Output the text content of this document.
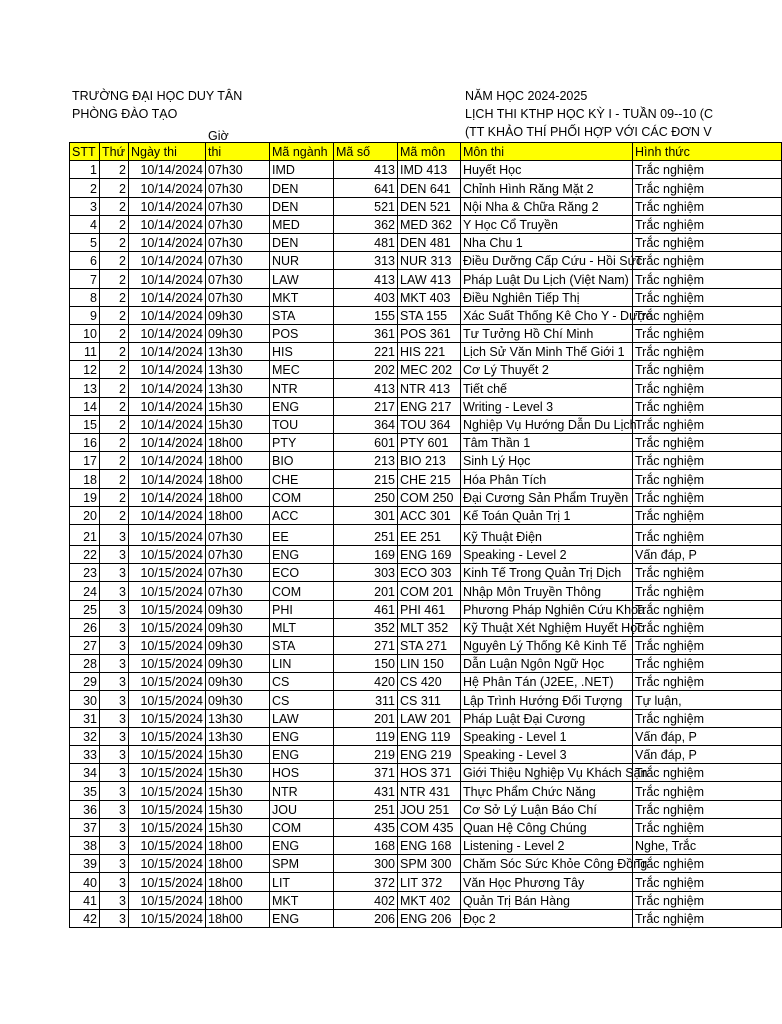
TRƯỜNG ĐẠI HỌC DUY TÂN
PHÒNG ĐÀO TẠO
NĂM HỌC 2024-2025
LỊCH THI KTHP HỌC KỲ I - TUẦN 09--10 (C
(TT KHẢO THÍ PHỐI HỢP VỚI CÁC ĐƠN V
Giờ
STT	Thứ	Ngày thi	thi	Mã ngành	Mã số	Mã môn	Môn thi	Hình thức
1	2	10/14/2024	07h30	IMD	413	IMD 413	Huyết Học	Trắc nghiệm
2	2	10/14/2024	07h30	DEN	641	DEN 641	Chỉnh Hình Răng Mặt 2	Trắc nghiệm
3	2	10/14/2024	07h30	DEN	521	DEN 521	Nội Nha & Chữa Răng 2	Trắc nghiệm
4	2	10/14/2024	07h30	MED	362	MED 362	Y Học Cổ Truyền	Trắc nghiệm
5	2	10/14/2024	07h30	DEN	481	DEN 481	Nha Chu 1	Trắc nghiệm
6	2	10/14/2024	07h30	NUR	313	NUR 313	Điều Dưỡng Cấp Cứu - Hồi Sức	Trắc nghiệm
7	2	10/14/2024	07h30	LAW	413	LAW 413	Pháp Luật Du Lịch (Việt Nam)	Trắc nghiệm
8	2	10/14/2024	07h30	MKT	403	MKT 403	Điều Nghiên Tiếp Thị	Trắc nghiệm
9	2	10/14/2024	09h30	STA	155	STA 155	Xác Suất Thống Kê Cho Y - Dược	Trắc nghiệm
10	2	10/14/2024	09h30	POS	361	POS 361	Tư Tưởng Hồ Chí Minh	Trắc nghiệm
11	2	10/14/2024	13h30	HIS	221	HIS 221	Lịch Sử Văn Minh Thế Giới 1	Trắc nghiệm
12	2	10/14/2024	13h30	MEC	202	MEC 202	Cơ Lý Thuyết 2	Trắc nghiệm
13	2	10/14/2024	13h30	NTR	413	NTR 413	Tiết chế	Trắc nghiệm
14	2	10/14/2024	15h30	ENG	217	ENG 217	Writing - Level 3	Trắc nghiệm
15	2	10/14/2024	15h30	TOU	364	TOU 364	Nghiệp Vụ Hướng Dẫn Du Lịch	Trắc nghiệm
16	2	10/14/2024	18h00	PTY	601	PTY 601	Tâm Thần 1	Trắc nghiệm
17	2	10/14/2024	18h00	BIO	213	BIO 213	Sinh Lý Học	Trắc nghiệm
18	2	10/14/2024	18h00	CHE	215	CHE 215	Hóa Phân Tích	Trắc nghiệm
19	2	10/14/2024	18h00	COM	250	COM 250	Đại Cương Sản Phẩm Truyền	Trắc nghiệm
20	2	10/14/2024	18h00	ACC	301	ACC 301	Kế Toán Quản Trị 1	Trắc nghiệm
21	3	10/15/2024	07h30	EE	251	EE 251	Kỹ Thuật Điện	Trắc nghiệm
22	3	10/15/2024	07h30	ENG	169	ENG 169	Speaking - Level 2	Vấn đáp, P
23	3	10/15/2024	07h30	ECO	303	ECO 303	Kinh Tế Trong Quản Trị Dịch	Trắc nghiệm
24	3	10/15/2024	07h30	COM	201	COM 201	Nhập Môn Truyền Thông	Trắc nghiệm
25	3	10/15/2024	09h30	PHI	461	PHI 461	Phương Pháp Nghiên Cứu Khoa	Trắc nghiệm
26	3	10/15/2024	09h30	MLT	352	MLT 352	Kỹ Thuật Xét Nghiệm Huyết Học	Trắc nghiệm
27	3	10/15/2024	09h30	STA	271	STA 271	Nguyên Lý Thống Kê Kinh Tế	Trắc nghiệm
28	3	10/15/2024	09h30	LIN	150	LIN 150	Dẫn Luận Ngôn Ngữ Học	Trắc nghiệm
29	3	10/15/2024	09h30	CS	420	CS 420	Hệ Phân Tán (J2EE, .NET)	Trắc nghiệm
30	3	10/15/2024	09h30	CS	311	CS 311	Lập Trình Hướng Đối Tượng	Tự luận,
31	3	10/15/2024	13h30	LAW	201	LAW 201	Pháp Luật Đại Cương	Trắc nghiệm
32	3	10/15/2024	13h30	ENG	119	ENG 119	Speaking - Level 1	Vấn đáp, P
33	3	10/15/2024	15h30	ENG	219	ENG 219	Speaking - Level 3	Vấn đáp, P
34	3	10/15/2024	15h30	HOS	371	HOS 371	Giới Thiệu Nghiệp Vụ Khách Sạn	Trắc nghiệm
35	3	10/15/2024	15h30	NTR	431	NTR 431	Thực Phẩm Chức Năng	Trắc nghiệm
36	3	10/15/2024	15h30	JOU	251	JOU 251	Cơ Sở Lý Luận Báo Chí	Trắc nghiệm
37	3	10/15/2024	15h30	COM	435	COM 435	Quan Hệ Công Chúng	Trắc nghiệm
38	3	10/15/2024	18h00	ENG	168	ENG 168	Listening - Level 2	Nghe, Trắc
39	3	10/15/2024	18h00	SPM	300	SPM 300	Chăm Sóc Sức Khỏe Công Đồng	Trắc nghiệm
40	3	10/15/2024	18h00	LIT	372	LIT 372	Văn Học Phương Tây	Trắc nghiệm
41	3	10/15/2024	18h00	MKT	402	MKT 402	Quản Trị Bán Hàng	Trắc nghiệm
42	3	10/15/2024	18h00	ENG	206	ENG 206	Đọc 2	Trắc nghiệm
